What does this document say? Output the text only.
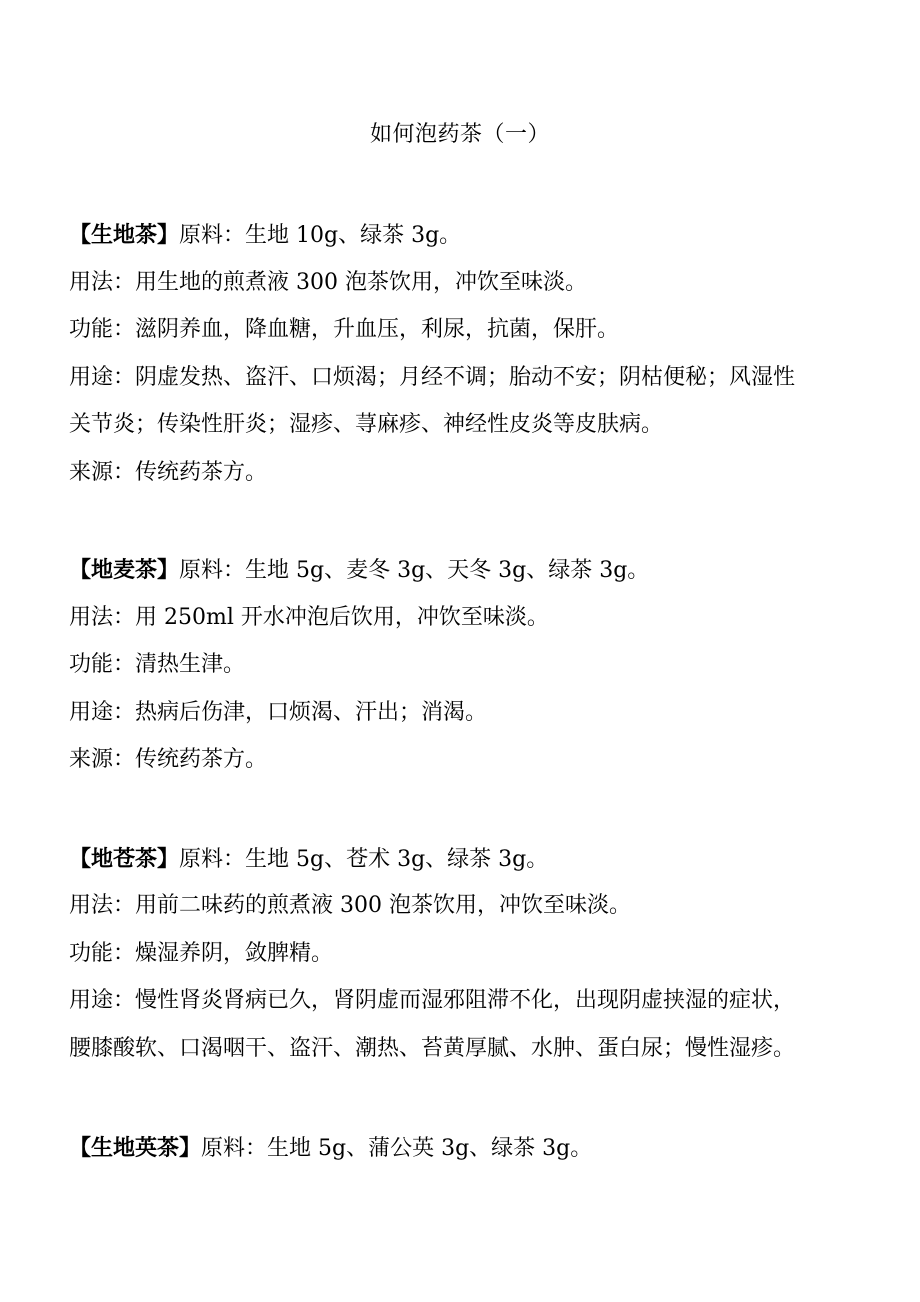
如何泡药茶（一）
【生地茶】原料：生地 10g、绿茶 3g。
用法：用生地的煎煮液 300 泡茶饮用，冲饮至味淡。
功能：滋阴养血，降血糖，升血压，利尿，抗菌，保肝。
用途：阴虚发热、盗汗、口烦渴；月经不调；胎动不安；阴枯便秘；风湿性
关节炎；传染性肝炎；湿疹、荨麻疹、神经性皮炎等皮肤病。
来源：传统药茶方。
【地麦茶】原料：生地 5g、麦冬 3g、天冬 3g、绿茶 3g。
用法：用 250ml 开水冲泡后饮用，冲饮至味淡。
功能：清热生津。
用途：热病后伤津，口烦渴、汗出；消渴。
来源：传统药茶方。
【地苍茶】原料：生地 5g、苍术 3g、绿茶 3g。
用法：用前二味药的煎煮液 300 泡茶饮用，冲饮至味淡。
功能：燥湿养阴，敛脾精。
用途：慢性肾炎肾病已久，肾阴虚而湿邪阻滞不化，出现阴虚挟湿的症状，
腰膝酸软、口渴咽干、盗汗、潮热、苔黄厚腻、水肿、蛋白尿；慢性湿疹。
【生地英茶】原料：生地 5g、蒲公英 3g、绿茶 3g。
